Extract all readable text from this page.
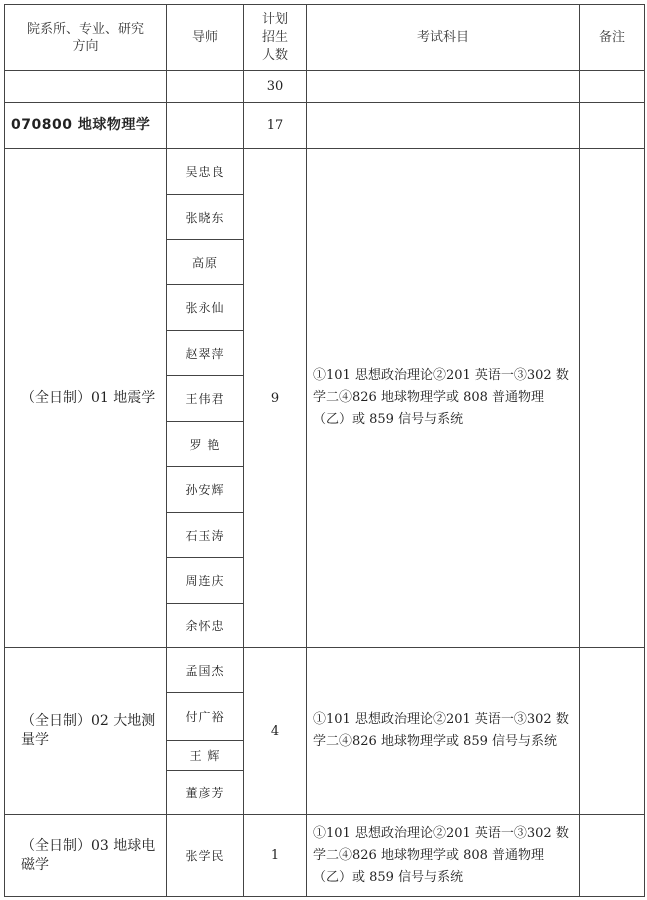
院系所、专业、研究方向	导师	计划招生人数	考试科目	备注
		30		
070800 地球物理学		17		

（全日制）01 地震学	吴忠良	9	①101 思想政治理论②201 英语一③302 数学二④826 地球物理学或 808 普通物理（乙）或 859 信号与系统	
	张晓东			
	高原			
	张永仙			
	赵翠萍			
	王伟君			
	罗 艳			
	孙安辉			
	石玉涛			
	周连庆			
	余怀忠			

（全日制）02 大地测量学	孟国杰	4	①101 思想政治理论②201 英语一③302 数学二④826 地球物理学或 859 信号与系统	
	付广裕			
	王 辉			
	董彦芳			

（全日制）03 地球电磁学	张学民	1	①101 思想政治理论②201 英语一③302 数学二④826 地球物理学或 808 普通物理（乙）或 859 信号与系统	
